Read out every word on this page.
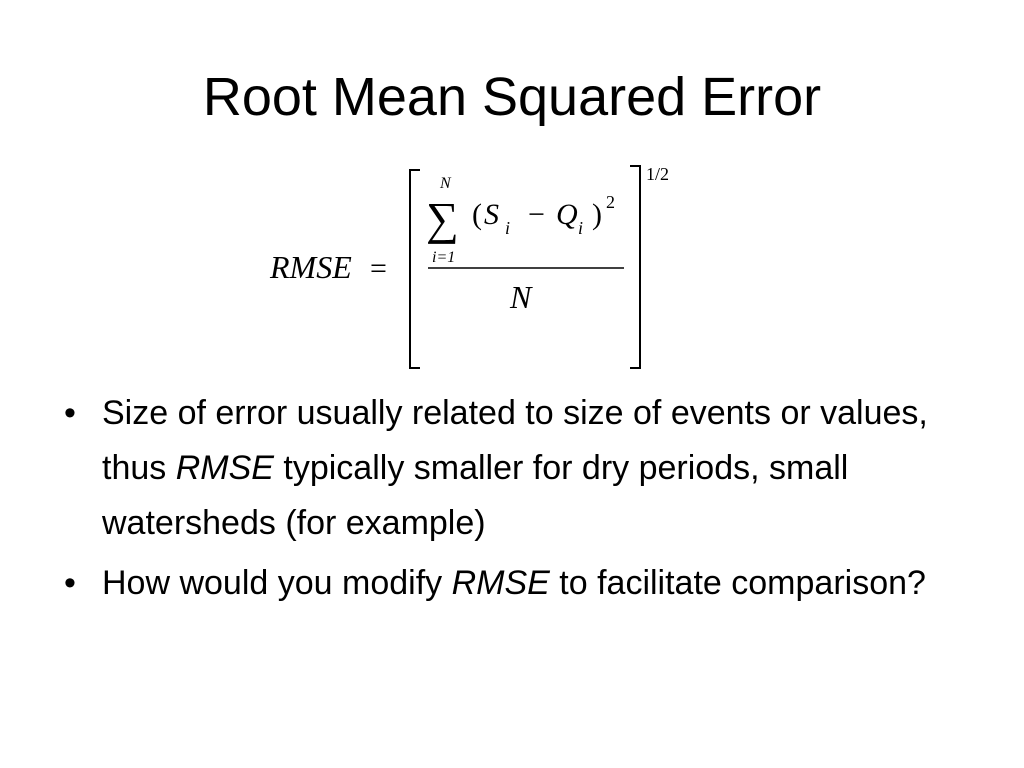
Root Mean Squared Error
RMSE =
N
∑
i=1
( S i − Q i ) 2
N
1/2
• Size of error usually related to size of events or values, thus RMSE typically smaller for dry periods, small watersheds (for example)
• How would you modify RMSE to facilitate comparison?
